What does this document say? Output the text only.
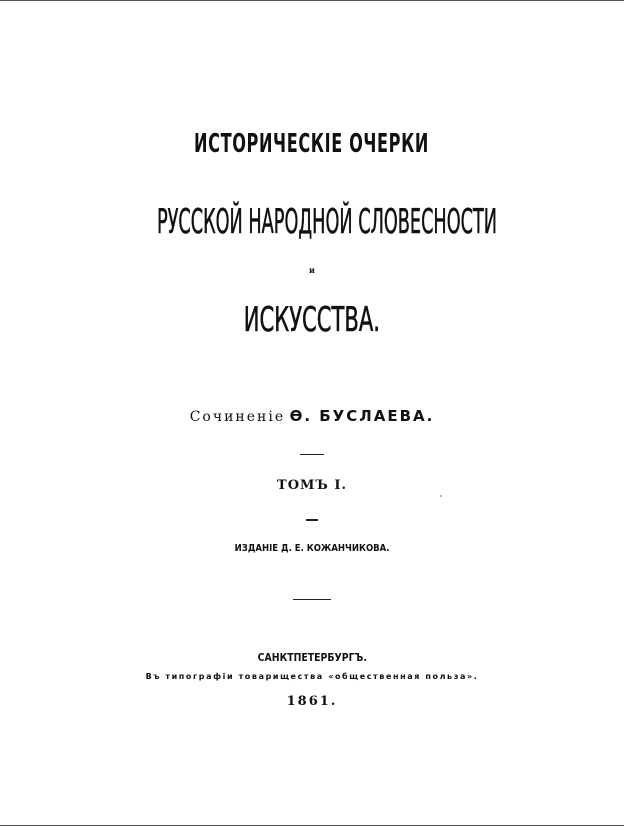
ИСТОРИЧЕСКІЕ ОЧЕРКИ
РУССКОЙ НАРОДНОЙ СЛОВЕСНОСТИ
и
ИСКУССТВА.
Сочиненіе Ѳ. БУСЛАЕВА.
ТОМЪ I.
ИЗДАНІЕ Д. Е. КОЖАНЧИКОВА.
САНКТПЕТЕРБУРГЪ.
Въ типографіи товарищества «общественная польза».
1861.
